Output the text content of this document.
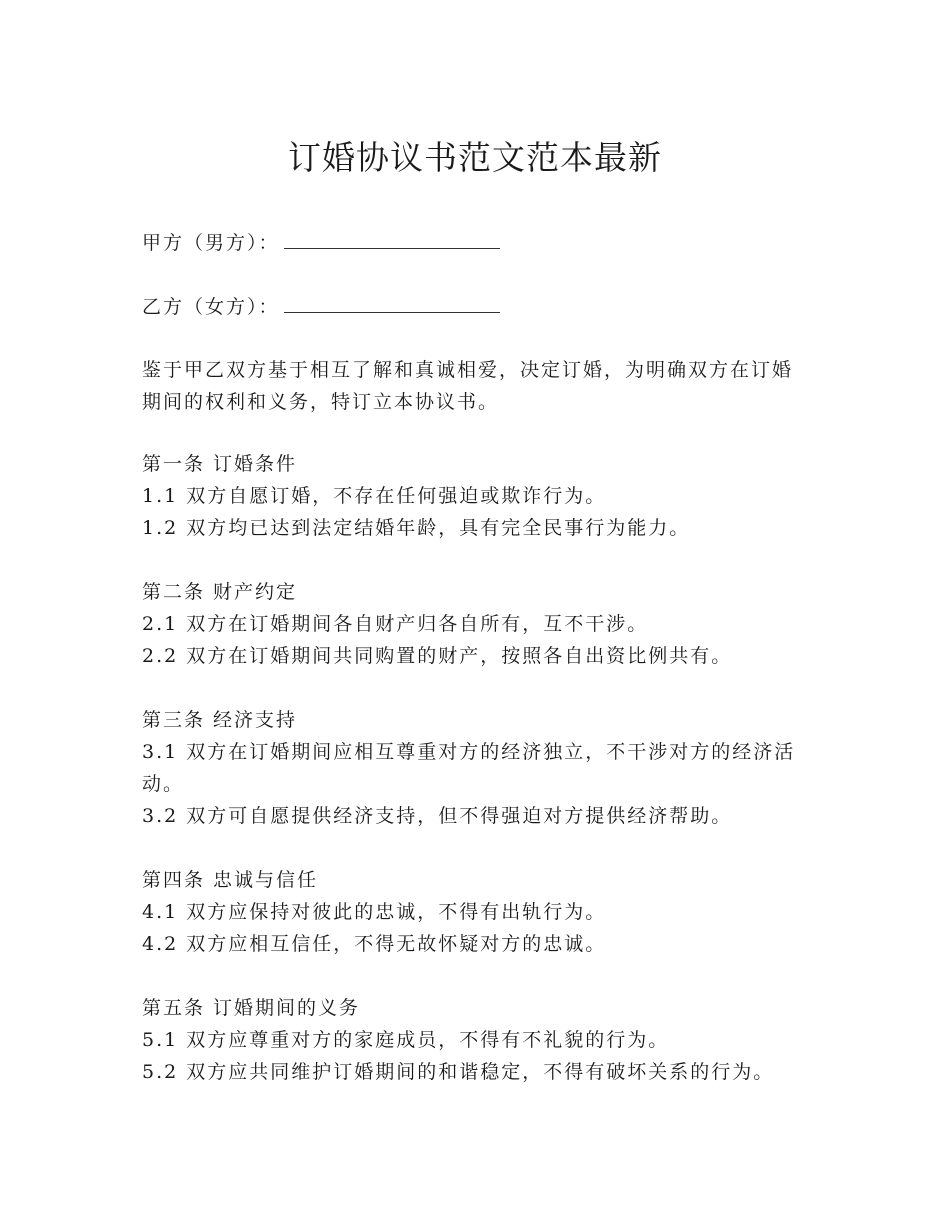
订婚协议书范文范本最新
甲方（男方）：
乙方（女方）：

鉴于甲乙双方基于相互了解和真诚相爱，决定订婚，为明确双方在订婚期间的权利和义务，特订立本协议书。

第一条 订婚条件

1.1 双方自愿订婚，不存在任何强迫或欺诈行为。

1.2 双方均已达到法定结婚年龄，具有完全民事行为能力。

第二条 财产约定

2.1 双方在订婚期间各自财产归各自所有，互不干涉。

2.2 双方在订婚期间共同购置的财产，按照各自出资比例共有。

第三条 经济支持

3.1 双方在订婚期间应相互尊重对方的经济独立，不干涉对方的经济活动。

3.2 双方可自愿提供经济支持，但不得强迫对方提供经济帮助。

第四条 忠诚与信任

4.1 双方应保持对彼此的忠诚，不得有出轨行为。

4.2 双方应相互信任，不得无故怀疑对方的忠诚。

第五条 订婚期间的义务

5.1 双方应尊重对方的家庭成员，不得有不礼貌的行为。

5.2 双方应共同维护订婚期间的和谐稳定，不得有破坏关系的行为。
